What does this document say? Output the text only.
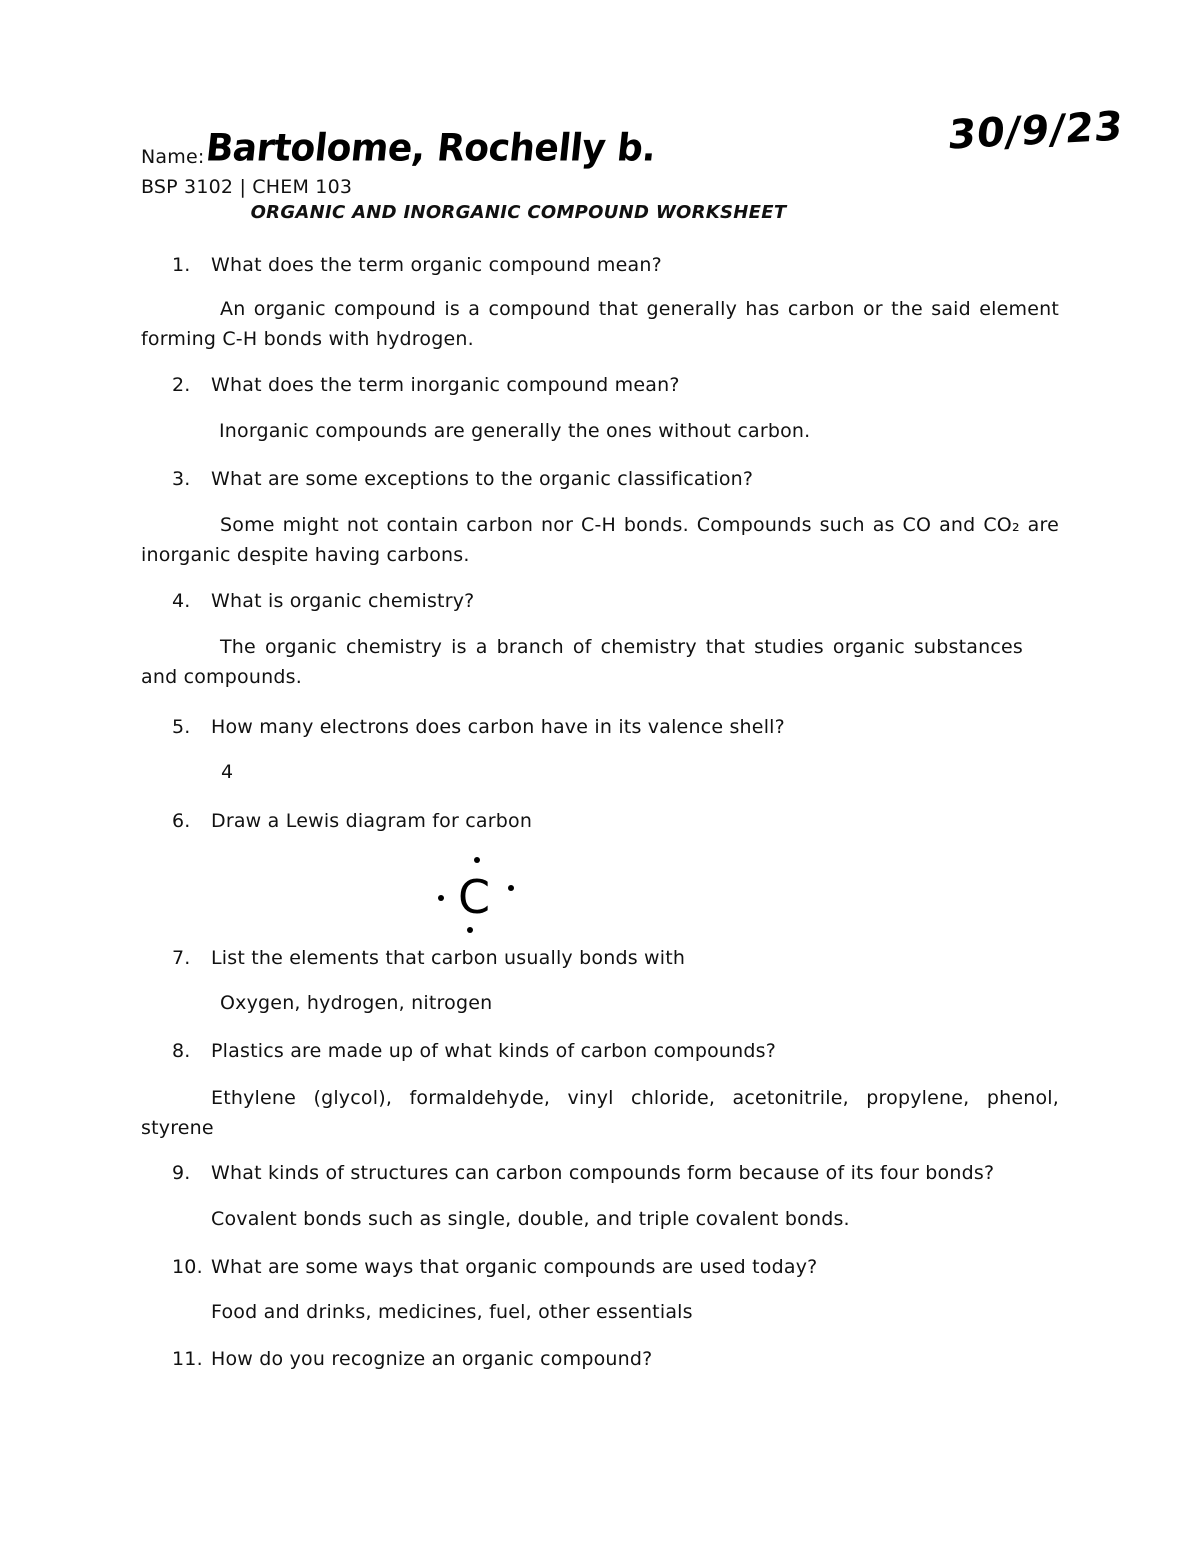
Name: Bartolome, Rochelly b.	30/9/23
BSP 3102 | CHEM 103
ORGANIC AND INORGANIC COMPOUND WORKSHEET
1.	What does the term organic compound mean?
An organic compound is a compound that generally has carbon or the said element
forming C-H bonds with hydrogen.
2.	What does the term inorganic compound mean?
Inorganic compounds are generally the ones without carbon.
3.	What are some exceptions to the organic classification?
Some might not contain carbon nor C-H bonds. Compounds such as CO and CO₂ are
inorganic despite having carbons.
4.	What is organic chemistry?
The organic chemistry is a branch of chemistry that studies organic substances
and compounds.
5.	How many electrons does carbon have in its valence shell?
4
6.	Draw a Lewis diagram for carbon
C
7.	List the elements that carbon usually bonds with
Oxygen, hydrogen, nitrogen
8.	Plastics are made up of what kinds of carbon compounds?
Ethylene (glycol), formaldehyde, vinyl chloride, acetonitrile, propylene, phenol,
styrene
9.	What kinds of structures can carbon compounds form because of its four bonds?
Covalent bonds such as single, double, and triple covalent bonds.
10. What are some ways that organic compounds are used today?
Food and drinks, medicines, fuel, other essentials
11. How do you recognize an organic compound?
